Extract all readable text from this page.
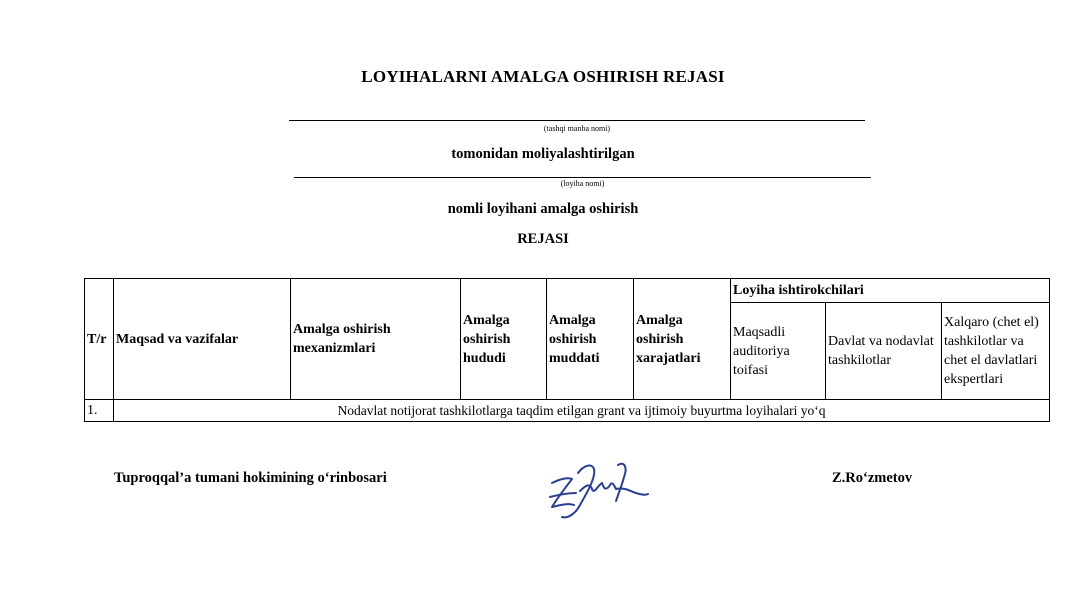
LOYIHALARNI AMALGA OSHIRISH REJASI
(tashqi manba nomi)
tomonidan moliyalashtirilgan
(loyiha nomi)
nomli loyihani amalga oshirish
REJASI
T/r	Maqsad va vazifalar	Amalga oshirish mexanizmlari	Amalga oshirish hududi	Amalga oshirish muddati	Amalga oshirish xarajatlari	Loyiha ishtirokchilari		
						Maqsadli auditoriya toifasi	Davlat va nodavlat tashkilotlar	Xalqaro (chet el) tashkilotlar va chet el davlatlari ekspertlari
1.	Nodavlat notijorat tashkilotlarga taqdim etilgan grant va ijtimoiy buyurtma loyihalari yo‘q							
Tuproqqal’a tumani hokimining o‘rinbosari	Z.Ro‘zmetov
